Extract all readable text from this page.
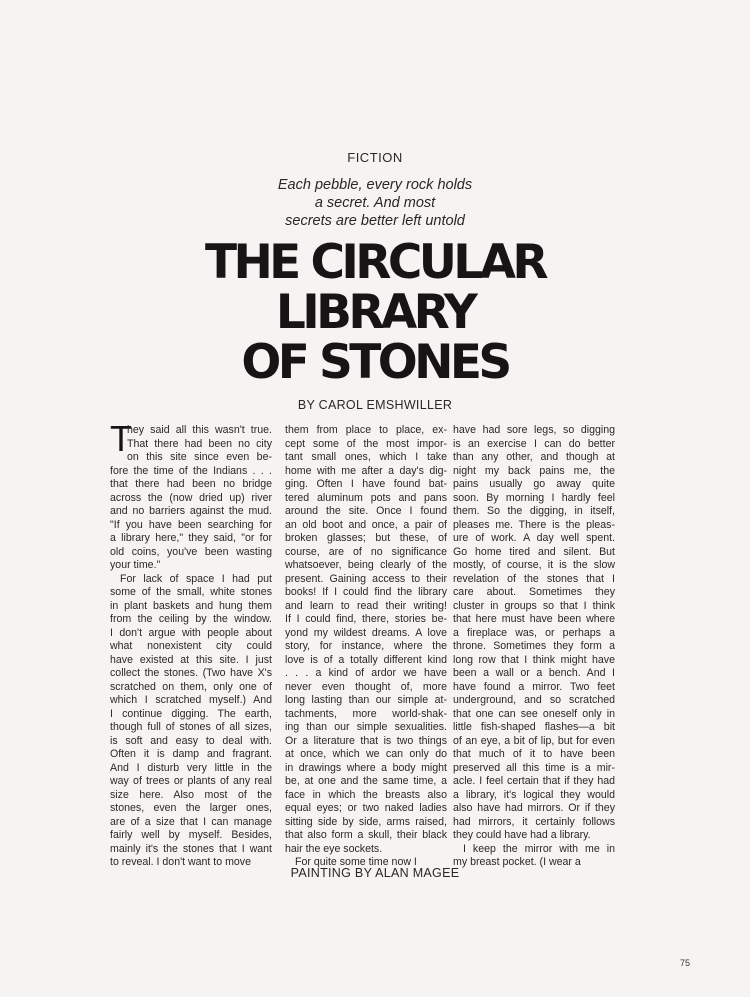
FICTION
Each pebble, every rock holds
a secret. And most
secrets are better left untold
THE CIRCULAR
LIBRARY
OF STONES
BY CAROL EMSHWILLER
T
hey said all this wasn't true.
That there had been no city
on this site since even be-
fore the time of the Indians . . .
that there had been no bridge
across the (now dried up) river
and no barriers against the mud.
"If you have been searching for
a library here," they said, "or for
old coins, you've been wasting
your time."
For lack of space I had put
some of the small, white stones
in plant baskets and hung them
from the ceiling by the window.
I don't argue with people about
what nonexistent city could
have existed at this site. I just
collect the stones. (Two have X's
scratched on them, only one of
which I scratched myself.) And
I continue digging. The earth,
though full of stones of all sizes,
is soft and easy to deal with.
Often it is damp and fragrant.
And I disturb very little in the
way of trees or plants of any real
size here. Also most of the
stones, even the larger ones,
are of a size that I can manage
fairly well by myself. Besides,
mainly it's the stones that I want
to reveal. I don't want to move
them from place to place, ex-
cept some of the most impor-
tant small ones, which I take
home with me after a day's dig-
ging. Often I have found bat-
tered aluminum pots and pans
around the site. Once I found
an old boot and once, a pair of
broken glasses; but these, of
course, are of no significance
whatsoever, being clearly of the
present. Gaining access to their
books! If I could find the library
and learn to read their writing!
If I could find, there, stories be-
yond my wildest dreams. A love
story, for instance, where the
love is of a totally different kind
. . . a kind of ardor we have
never even thought of, more
long lasting than our simple at-
tachments, more world-shak-
ing than our simple sexualities.
Or a literature that is two things
at once, which we can only do
in drawings where a body might
be, at one and the same time, a
face in which the breasts also
equal eyes; or two naked ladies
sitting side by side, arms raised,
that also form a skull, their black
hair the eye sockets.
For quite some time now I
have had sore legs, so digging
is an exercise I can do better
than any other, and though at
night my back pains me, the
pains usually go away quite
soon. By morning I hardly feel
them. So the digging, in itself,
pleases me. There is the pleas-
ure of work. A day well spent.
Go home tired and silent. But
mostly, of course, it is the slow
revelation of the stones that I
care about. Sometimes they
cluster in groups so that I think
that here must have been where
a fireplace was, or perhaps a
throne. Sometimes they form a
long row that I think might have
been a wall or a bench. And I
have found a mirror. Two feet
underground, and so scratched
that one can see oneself only in
little fish-shaped flashes—a bit
of an eye, a bit of lip, but for even
that much of it to have been
preserved all this time is a mir-
acle. I feel certain that if they had
a library, it's logical they would
also have had mirrors. Or if they
had mirrors, it certainly follows
they could have had a library.
I keep the mirror with me in
my breast pocket. (I wear a
PAINTING BY ALAN MAGEE
75
